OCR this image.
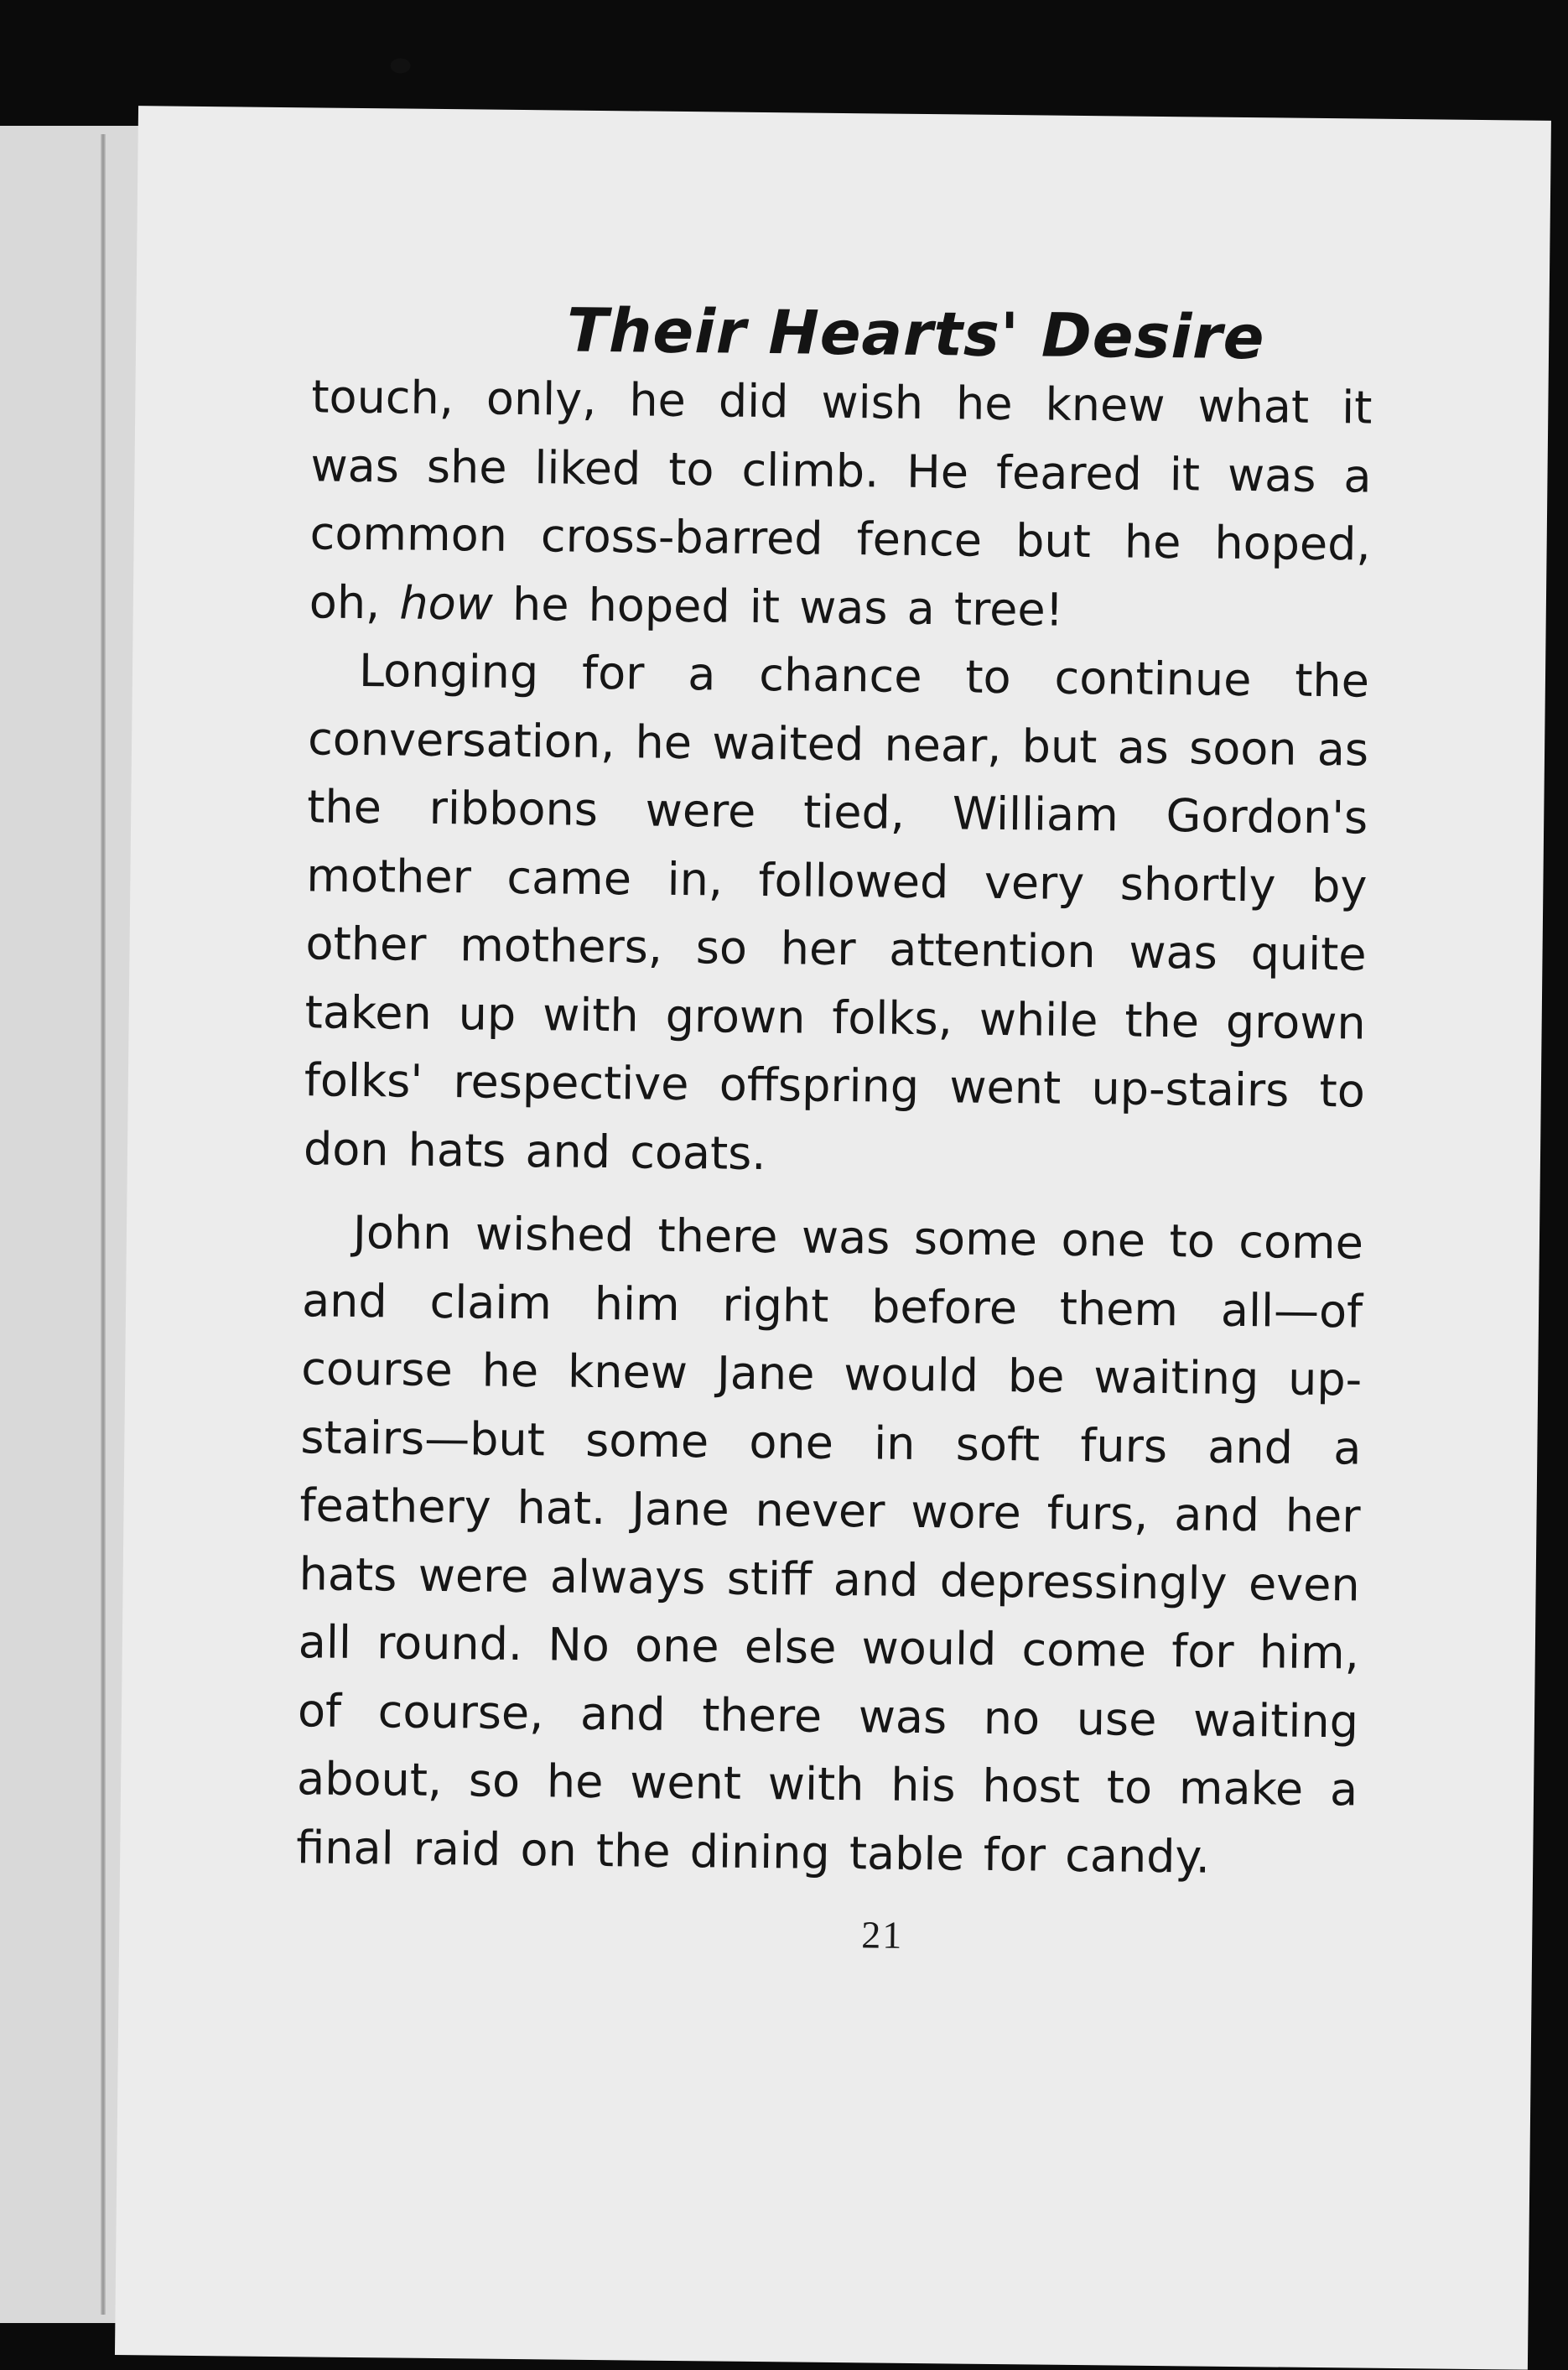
Their Hearts' Desire

touch, only, he did wish he knew what it was she liked to climb. He feared it was a common cross-barred fence but he hoped, oh, how he hoped it was a tree!

Longing for a chance to continue the conversation, he waited near, but as soon as the ribbons were tied, William Gordon's mother came in, followed very shortly by other mothers, so her attention was quite taken up with grown folks, while the grown folks' respective offspring went up-stairs to don hats and coats.

John wished there was some one to come and claim him right before them all—of course he knew Jane would be waiting up-stairs—but some one in soft furs and a feathery hat. Jane never wore furs, and her hats were always stiff and depressingly even all round. No one else would come for him, of course, and there was no use waiting about, so he went with his host to make a final raid on the dining table for candy.

21
